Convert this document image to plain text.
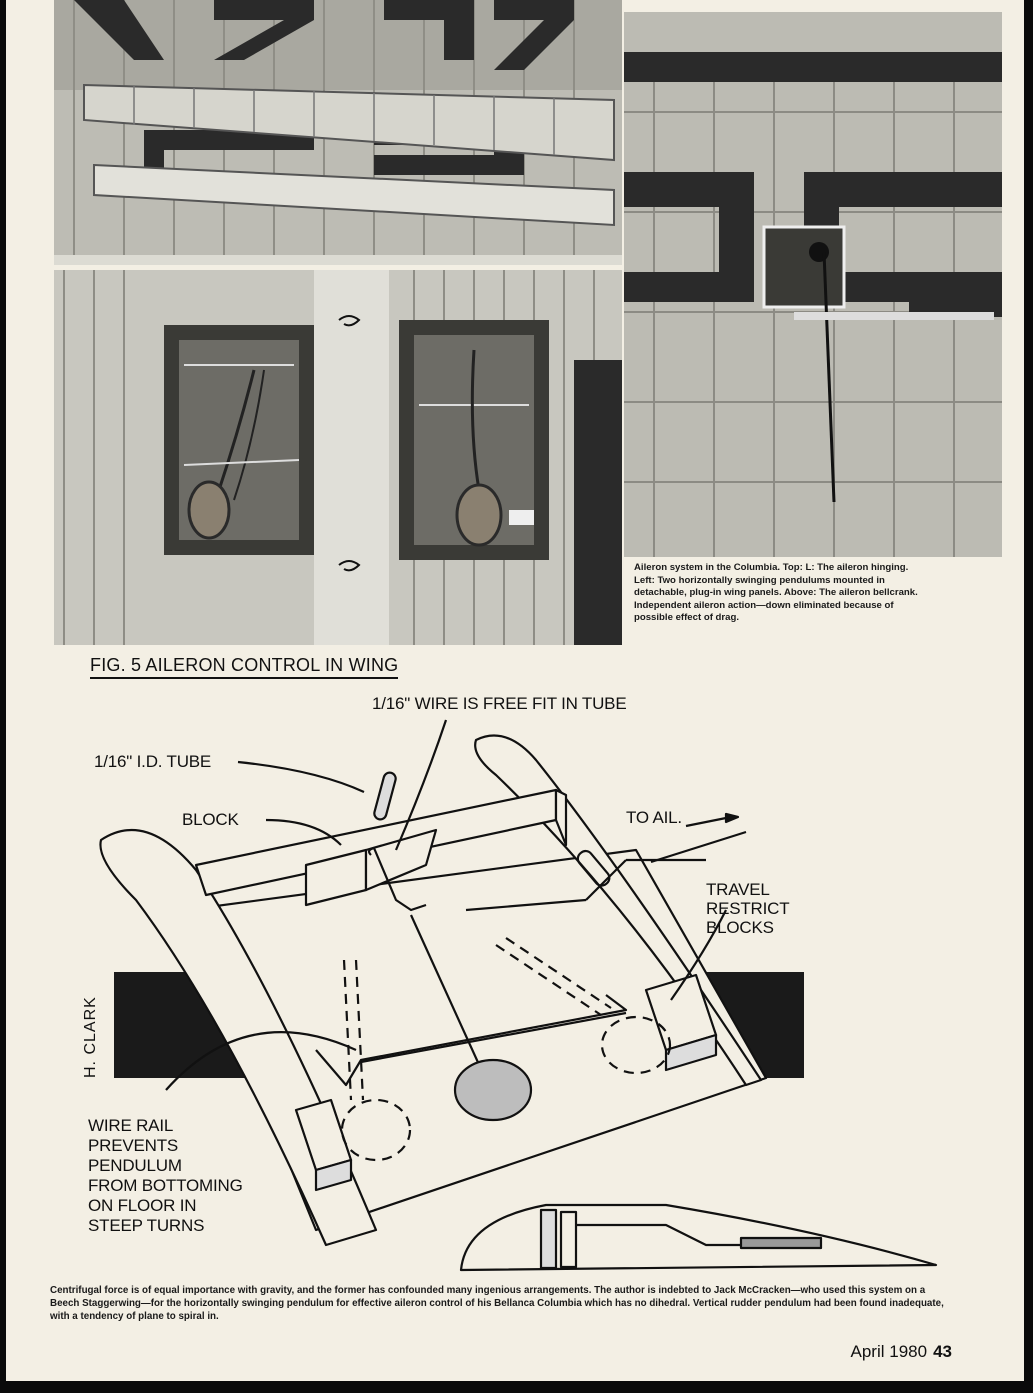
Aileron system in the Columbia. Top: L: The aileron hinging. Left: Two horizontally swinging pendulums mounted in detachable, plug-in wing panels. Above: The aileron bellcrank. Independent aileron action—down eliminated because of possible effect of drag.
FIG. 5 AILERON CONTROL IN WING
1/16" WIRE IS FREE FIT IN TUBE
1/16" I.D. TUBE
BLOCK	TO AIL.
TRAVEL
RESTRICT
BLOCKS
WIRE RAIL
PREVENTS
PENDULUM
FROM BOTTOMING
ON FLOOR IN
STEEP TURNS
H. CLARK
Centrifugal force is of equal importance with gravity, and the former has confounded many ingenious arrangements. The author is indebted to Jack McCracken—who used this system on a Beech Staggerwing—for the horizontally swinging pendulum for effective aileron control of his Bellanca Columbia which has no dihedral. Vertical rudder pendulum had been found inadequate, with a tendency of plane to spiral in.
April 1980 43
